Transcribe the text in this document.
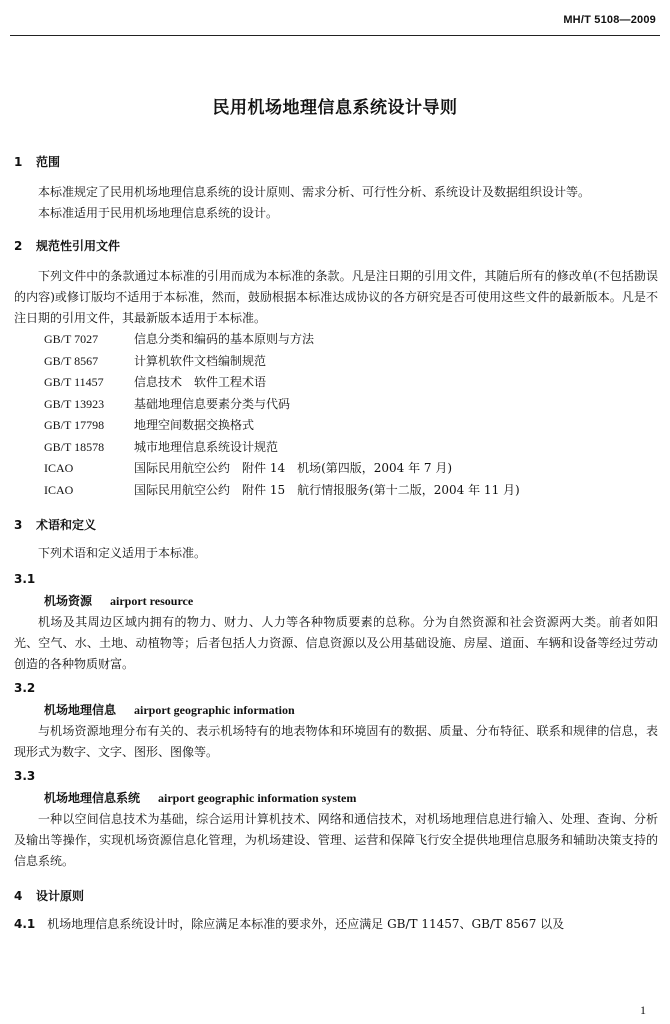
MH/T 5108—2009
民用机场地理信息系统设计导则
1 范围
本标准规定了民用机场地理信息系统的设计原则、需求分析、可行性分析、系统设计及数据组织设计等。
本标准适用于民用机场地理信息系统的设计。
2 规范性引用文件
下列文件中的条款通过本标准的引用而成为本标准的条款。凡是注日期的引用文件，其随后所有的修改单(不包括勘误的内容)或修订版均不适用于本标准，然而，鼓励根据本标准达成协议的各方研究是否可使用这些文件的最新版本。凡是不注日期的引用文件，其最新版本适用于本标准。
GB/T 7027	信息分类和编码的基本原则与方法
GB/T 8567	计算机软件文档编制规范
GB/T 11457	信息技术　软件工程术语
GB/T 13923 基础地理信息要素分类与代码
GB/T 17798 地理空间数据交换格式
GB/T 18578 城市地理信息系统设计规范
ICAO	国际民用航空公约　附件 14　机场(第四版，2004 年 7 月)
ICAO	国际民用航空公约　附件 15　航行情报服务(第十二版，2004 年 11 月)
3 术语和定义
下列术语和定义适用于本标准。
3.1
机场资源 airport resource
机场及其周边区域内拥有的物力、财力、人力等各种物质要素的总称。分为自然资源和社会资源两大类。前者如阳光、空气、水、土地、动植物等；后者包括人力资源、信息资源以及公用基础设施、房屋、道面、车辆和设备等经过劳动创造的各种物质财富。
3.2
机场地理信息 airport geographic information
与机场资源地理分布有关的、表示机场特有的地表物体和环境固有的数据、质量、分布特征、联系和规律的信息，表现形式为数字、文字、图形、图像等。
3.3
机场地理信息系统 airport geographic information system
一种以空间信息技术为基础，综合运用计算机技术、网络和通信技术，对机场地理信息进行输入、处理、查询、分析及输出等操作，实现机场资源信息化管理，为机场建设、管理、运营和保障飞行安全提供地理信息服务和辅助决策支持的信息系统。
4 设计原则
4.1 机场地理信息系统设计时，除应满足本标准的要求外，还应满足 GB/T 11457、GB/T 8567 以及
1
